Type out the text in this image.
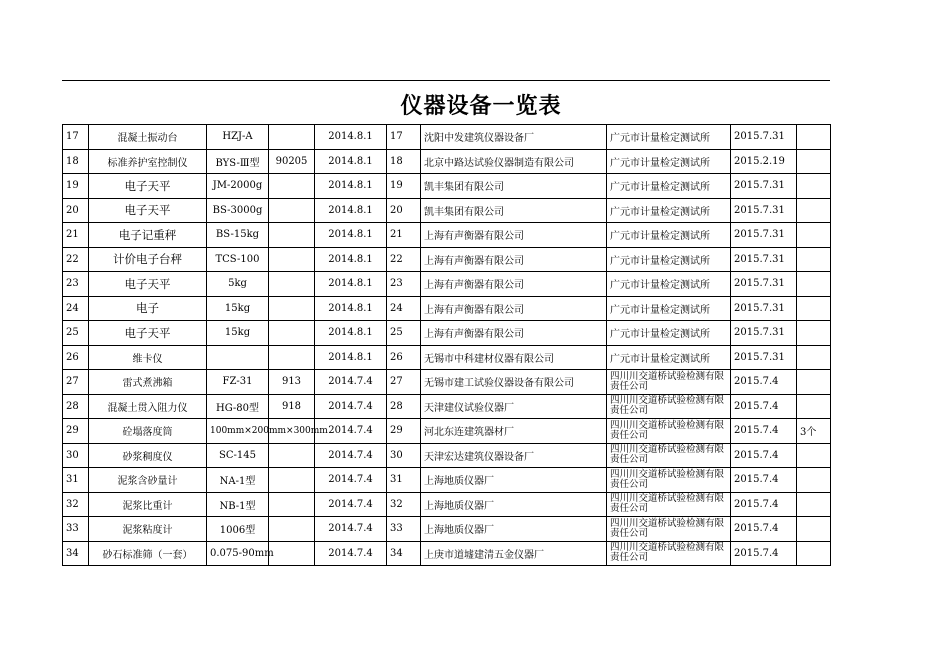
仪器设备一览表
17	混凝土振动台	HZJ-A		2014.8.1	17	沈阳中发建筑仪器设备厂	广元市计量检定测试所	2015.7.31	
18	标准养护室控制仪	BYS-Ⅲ型	90205	2014.8.1	18	北京中路达试验仪器制造有限公司	广元市计量检定测试所	2015.2.19	
19	电子天平	JM-2000g		2014.8.1	19	凯丰集团有限公司	广元市计量检定测试所	2015.7.31	
20	电子天平	BS-3000g		2014.8.1	20	凯丰集团有限公司	广元市计量检定测试所	2015.7.31	
21	电子记重秤	BS-15kg		2014.8.1	21	上海有声衡器有限公司	广元市计量检定测试所	2015.7.31	
22	计价电子台秤	TCS-100		2014.8.1	22	上海有声衡器有限公司	广元市计量检定测试所	2015.7.31	
23	电子天平	5kg		2014.8.1	23	上海有声衡器有限公司	广元市计量检定测试所	2015.7.31	
24	电子	15kg		2014.8.1	24	上海有声衡器有限公司	广元市计量检定测试所	2015.7.31	
25	电子天平	15kg		2014.8.1	25	上海有声衡器有限公司	广元市计量检定测试所	2015.7.31	
26	维卡仪			2014.8.1	26	无锡市中科建材仪器有限公司	广元市计量检定测试所	2015.7.31	
27	雷式煮沸箱	FZ-31	913	2014.7.4	27	无锡市建工试验仪器设备有限公司	四川川交道桥试验检测有限责任公司	2015.7.4	
28	混凝土贯入阻力仪	HG-80型	918	2014.7.4	28	天津建仪试验仪器厂	四川川交道桥试验检测有限责任公司	2015.7.4	
29	砼塌落度筒	100mm×200mm×300mm		2014.7.4	29	河北东连建筑器材厂	四川川交道桥试验检测有限责任公司	2015.7.4	3个
30	砂浆稠度仪	SC-145		2014.7.4	30	天津宏达建筑仪器设备厂	四川川交道桥试验检测有限责任公司	2015.7.4	
31	泥浆含砂量计	NA-1型		2014.7.4	31	上海地质仪器厂	四川川交道桥试验检测有限责任公司	2015.7.4	
32	泥浆比重计	NB-1型		2014.7.4	32	上海地质仪器厂	四川川交道桥试验检测有限责任公司	2015.7.4	
33	泥浆粘度计	1006型		2014.7.4	33	上海地质仪器厂	四川川交道桥试验检测有限责任公司	2015.7.4	
34	砂石标准筛（一套）	0.075-90mm		2014.7.4	34	上庚市道墟建清五金仪器厂	四川川交道桥试验检测有限责任公司	2015.7.4	
